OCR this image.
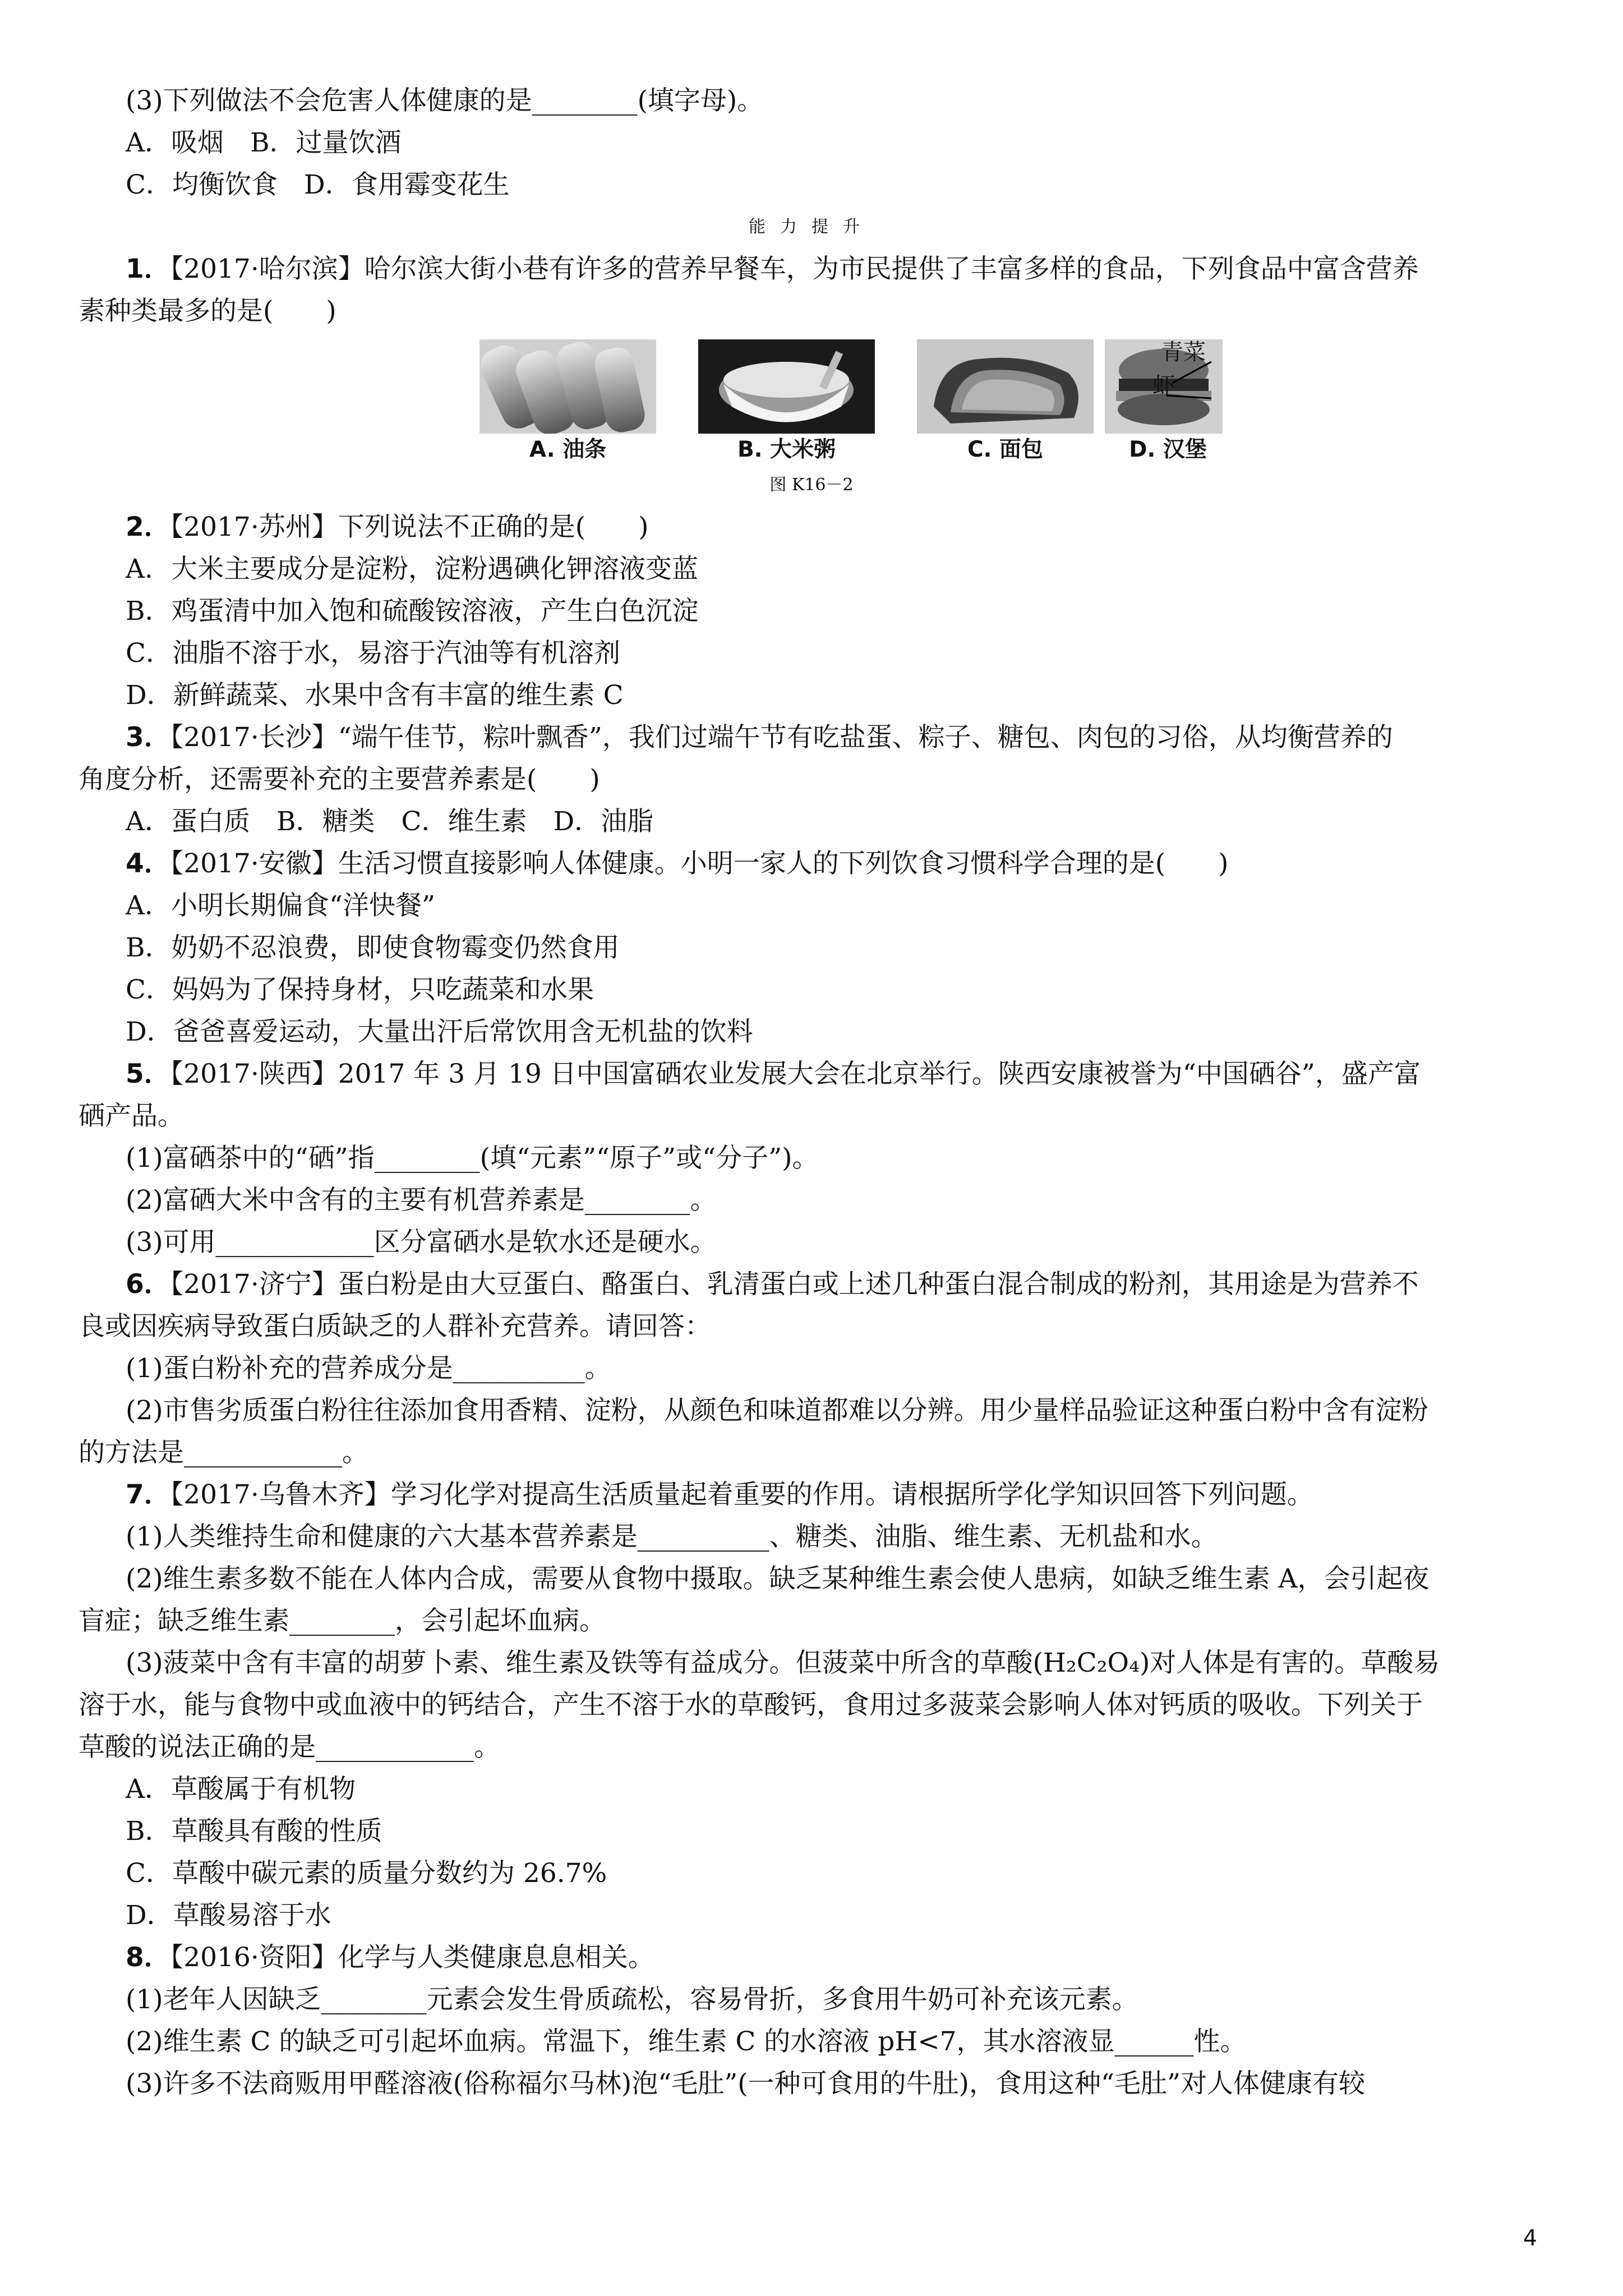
(3)下列做法不会危害人体健康的是________(填字母)。
A．吸烟　B．过量饮酒
C．均衡饮食　D．食用霉变花生
能力提升
1．【2017·哈尔滨】哈尔滨大街小巷有许多的营养早餐车，为市民提供了丰富多样的食品，下列食品中富含营养
素种类最多的是(　　)
青菜
虾
A. 油条	B. 大米粥	C. 面包	D. 汉堡
图 K16－2
2．【2017·苏州】下列说法不正确的是(　　)
A．大米主要成分是淀粉，淀粉遇碘化钾溶液变蓝
B．鸡蛋清中加入饱和硫酸铵溶液，产生白色沉淀
C．油脂不溶于水，易溶于汽油等有机溶剂
D．新鲜蔬菜、水果中含有丰富的维生素 C
3．【2017·长沙】“端午佳节，粽叶飘香”，我们过端午节有吃盐蛋、粽子、糖包、肉包的习俗，从均衡营养的
角度分析，还需要补充的主要营养素是(　　)
A．蛋白质　B．糖类　C．维生素　D．油脂
4．【2017·安徽】生活习惯直接影响人体健康。小明一家人的下列饮食习惯科学合理的是(　　)
A．小明长期偏食“洋快餐”
B．奶奶不忍浪费，即使食物霉变仍然食用
C．妈妈为了保持身材，只吃蔬菜和水果
D．爸爸喜爱运动，大量出汗后常饮用含无机盐的饮料
5．【2017·陕西】2017 年 3 月 19 日中国富硒农业发展大会在北京举行。陕西安康被誉为“中国硒谷”，盛产富
硒产品。
(1)富硒茶中的“硒”指________(填“元素”“原子”或“分子”)。
(2)富硒大米中含有的主要有机营养素是________。
(3)可用____________区分富硒水是软水还是硬水。
6．【2017·济宁】蛋白粉是由大豆蛋白、酪蛋白、乳清蛋白或上述几种蛋白混合制成的粉剂，其用途是为营养不
良或因疾病导致蛋白质缺乏的人群补充营养。请回答：
(1)蛋白粉补充的营养成分是__________。
(2)市售劣质蛋白粉往往添加食用香精、淀粉，从颜色和味道都难以分辨。用少量样品验证这种蛋白粉中含有淀粉
的方法是____________。
7．【2017·乌鲁木齐】学习化学对提高生活质量起着重要的作用。请根据所学化学知识回答下列问题。
(1)人类维持生命和健康的六大基本营养素是__________、糖类、油脂、维生素、无机盐和水。
(2)维生素多数不能在人体内合成，需要从食物中摄取。缺乏某种维生素会使人患病，如缺乏维生素 A，会引起夜
盲症；缺乏维生素________，会引起坏血病。
(3)菠菜中含有丰富的胡萝卜素、维生素及铁等有益成分。但菠菜中所含的草酸(H₂C₂O₄)对人体是有害的。草酸易
溶于水，能与食物中或血液中的钙结合，产生不溶于水的草酸钙，食用过多菠菜会影响人体对钙质的吸收。下列关于
草酸的说法正确的是____________。
A．草酸属于有机物
B．草酸具有酸的性质
C．草酸中碳元素的质量分数约为 26.7%
D．草酸易溶于水
8．【2016·资阳】化学与人类健康息息相关。
(1)老年人因缺乏________元素会发生骨质疏松，容易骨折，多食用牛奶可补充该元素。
(2)维生素 C 的缺乏可引起坏血病。常温下，维生素 C 的水溶液 pH<7，其水溶液显______性。
(3)许多不法商贩用甲醛溶液(俗称福尔马林)泡“毛肚”(一种可食用的牛肚)，食用这种“毛肚”对人体健康有较
4
